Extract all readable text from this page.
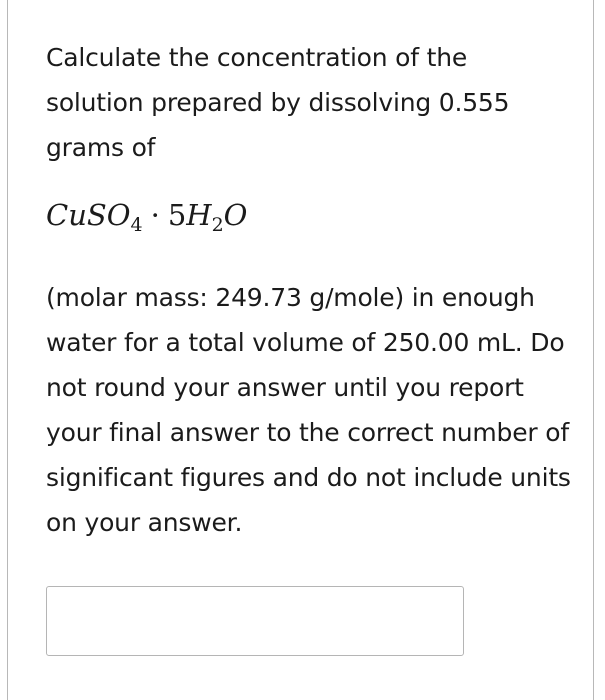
Calculate the concentration of the solution prepared by dissolving 0.555 grams of

CuSO$_4$ · $5H_2O$

(molar mass: 249.73 g/mole) in enough water for a total volume of 250.00 mL. Do not round your answer until you report your final answer to the correct number of significant figures and do not include units on your answer.
